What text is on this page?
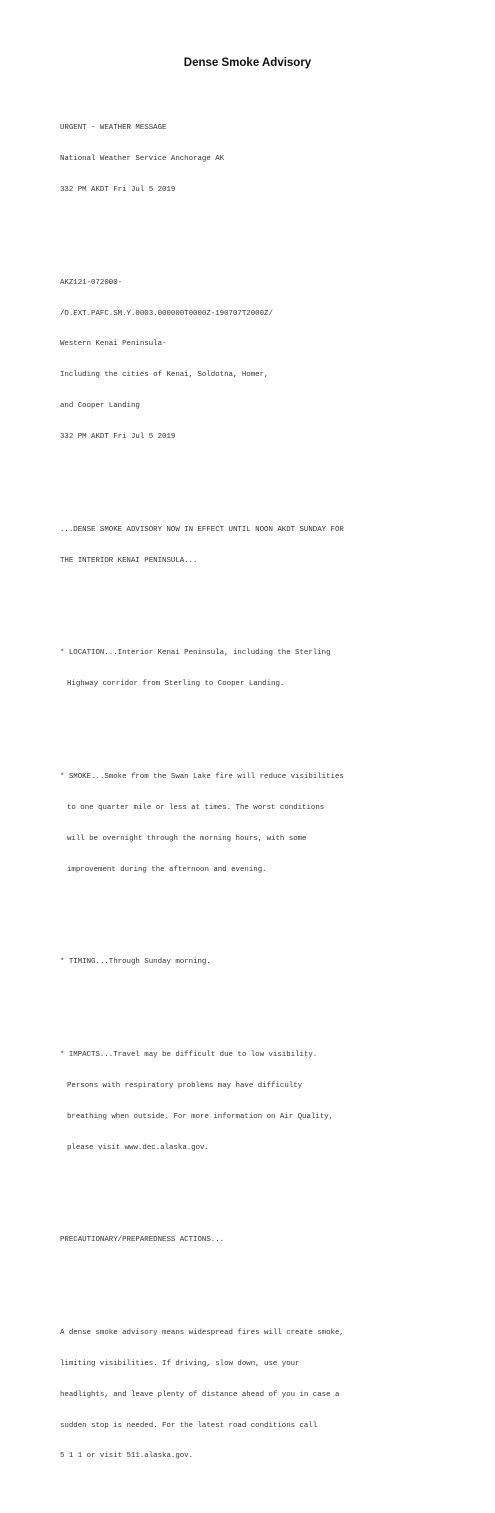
Dense Smoke Advisory

URGENT - WEATHER MESSAGE

National Weather Service Anchorage AK

332 PM AKDT Fri Jul 5 2019

AKZ121-072000-

/O.EXT.PAFC.SM.Y.0003.000000T0000Z-190707T2000Z/

Western Kenai Peninsula-

Including the cities of Kenai, Soldotna, Homer,

and Cooper Landing

332 PM AKDT Fri Jul 5 2019

...DENSE SMOKE ADVISORY NOW IN EFFECT UNTIL NOON AKDT SUNDAY FOR

THE INTERIOR KENAI PENINSULA...

* LOCATION...Interior Kenai Peninsula, including the Sterling

Highway corridor from Sterling to Cooper Landing.

* SMOKE...Smoke from the Swan Lake fire will reduce visibilities

to one quarter mile or less at times. The worst conditions

will be overnight through the morning hours, with some

improvement during the afternoon and evening.

* TIMING...Through Sunday morning.

* IMPACTS...Travel may be difficult due to low visibility.

Persons with respiratory problems may have difficulty

breathing when outside. For more information on Air Quality,

please visit www.dec.alaska.gov.

PRECAUTIONARY/PREPAREDNESS ACTIONS...

A dense smoke advisory means widespread fires will create smoke,

limiting visibilities. If driving, slow down, use your

headlights, and leave plenty of distance ahead of you in case a

sudden stop is needed. For the latest road conditions call

5 1 1 or visit 511.alaska.gov.
